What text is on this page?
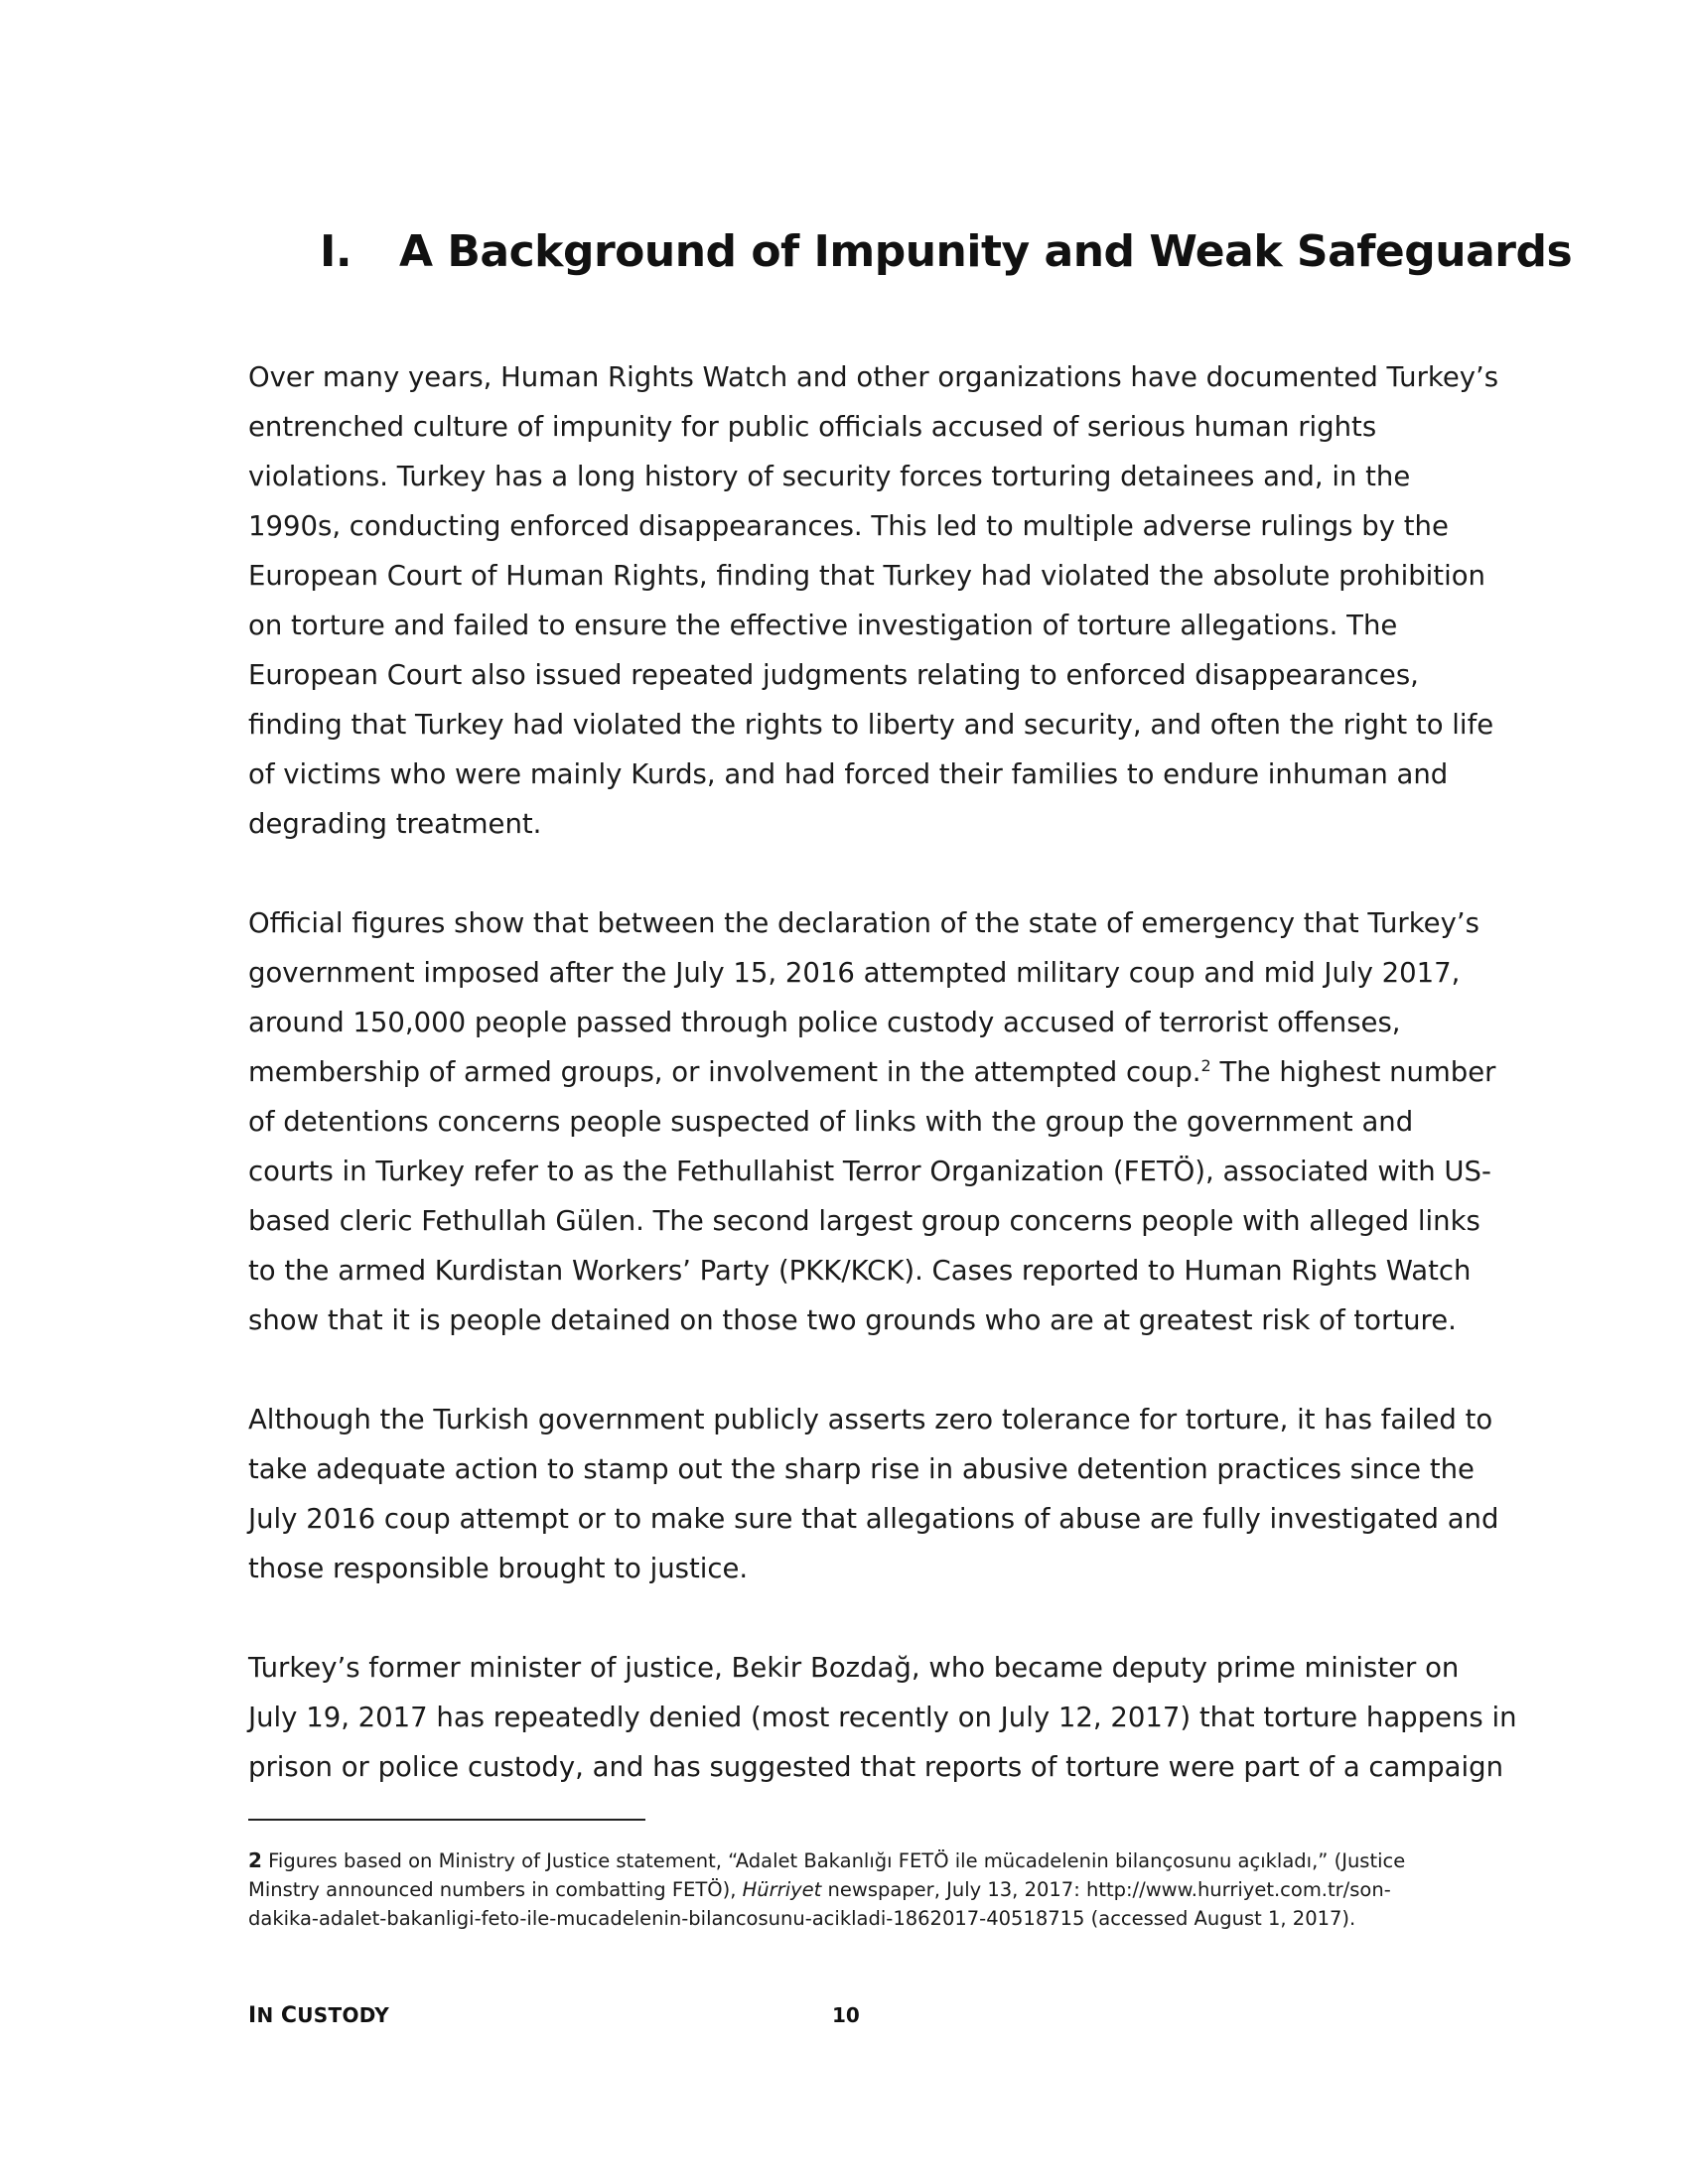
I. A Background of Impunity and Weak Safeguards

Over many years, Human Rights Watch and other organizations have documented Turkey’s
entrenched culture of impunity for public officials accused of serious human rights
violations. Turkey has a long history of security forces torturing detainees and, in the
1990s, conducting enforced disappearances. This led to multiple adverse rulings by the
European Court of Human Rights, finding that Turkey had violated the absolute prohibition
on torture and failed to ensure the effective investigation of torture allegations. The
European Court also issued repeated judgments relating to enforced disappearances,
finding that Turkey had violated the rights to liberty and security, and often the right to life
of victims who were mainly Kurds, and had forced their families to endure inhuman and
degrading treatment.

Official figures show that between the declaration of the state of emergency that Turkey’s
government imposed after the July 15, 2016 attempted military coup and mid July 2017,
around 150,000 people passed through police custody accused of terrorist offenses,
membership of armed groups, or involvement in the attempted coup.$^2$ The highest number
of detentions concerns people suspected of links with the group the government and
courts in Turkey refer to as the Fethullahist Terror Organization (FETÖ), associated with US-
based cleric Fethullah Gülen. The second largest group concerns people with alleged links
to the armed Kurdistan Workers’ Party (PKK/KCK). Cases reported to Human Rights Watch
show that it is people detained on those two grounds who are at greatest risk of torture.

Although the Turkish government publicly asserts zero tolerance for torture, it has failed to
take adequate action to stamp out the sharp rise in abusive detention practices since the
July 2016 coup attempt or to make sure that allegations of abuse are fully investigated and
those responsible brought to justice.

Turkey’s former minister of justice, Bekir Bozdağ, who became deputy prime minister on
July 19, 2017 has repeatedly denied (most recently on July 12, 2017) that torture happens in
prison or police custody, and has suggested that reports of torture were part of a campaign

2 Figures based on Ministry of Justice statement, “Adalet Bakanlığı FETÖ ile mücadelenin bilançosunu açıkladı,” (Justice
Minstry announced numbers in combatting FETÖ), Hürriyet newspaper, July 13, 2017: http://www.hurriyet.com.tr/son-
dakika-adalet-bakanligi-feto-ile-mucadelenin-bilancosunu-acikladi-1862017-40518715 (accessed August 1, 2017).
IN CUSTODY	10
